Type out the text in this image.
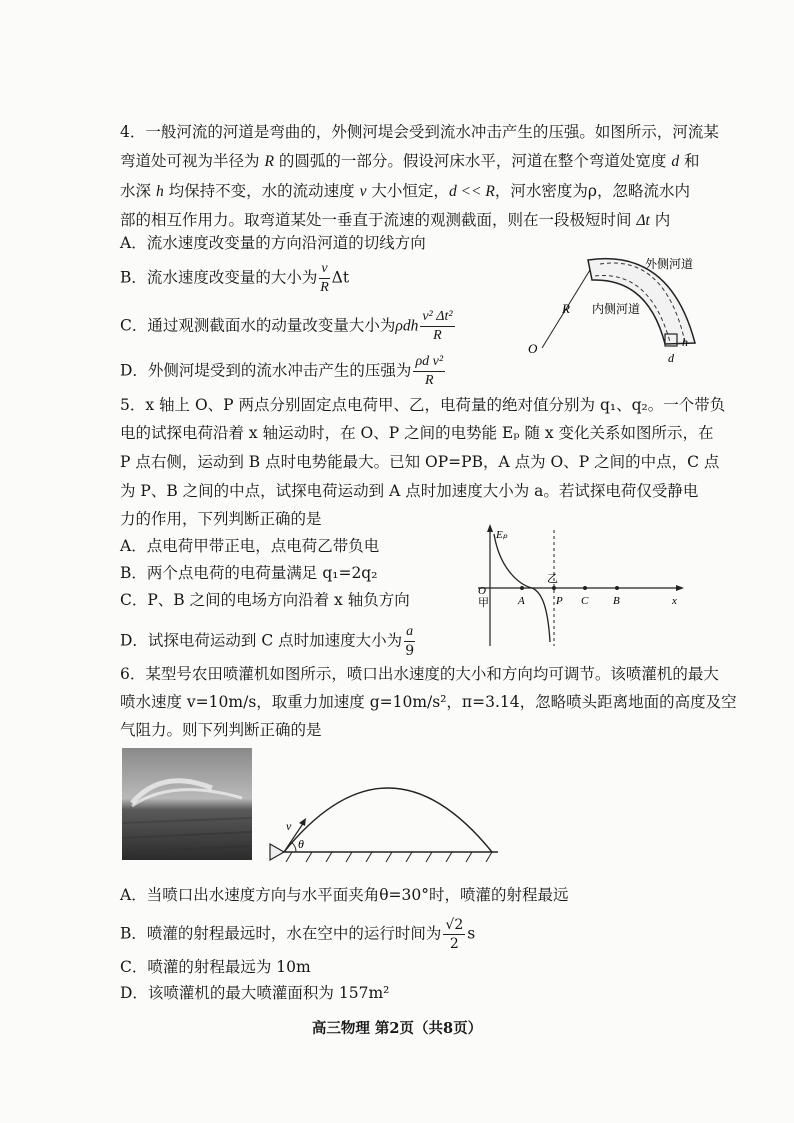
4．一般河流的河道是弯曲的，外侧河堤会受到流水冲击产生的压强。如图所示，河流某
弯道处可视为半径为 R 的圆弧的一部分。假设河床水平，河道在整个弯道处宽度 d 和
水深 h 均保持不变，水的流动速度 v 大小恒定，d << R，河水密度为ρ，忽略流水内
部的相互作用力。取弯道某处一垂直于流速的观测截面，则在一段极短时间 Δt 内
A．流水速度改变量的方向沿河道的切线方向
B．流水速度改变量的大小为 $\frac{v}{R}$ Δt
C．通过观测截面水的动量改变量大小为ρdh $\frac{\text{v² Δt²}}{R}$
D．外侧河堤受到的流水冲击产生的压强为 $\frac{\text{ρd v²}}{R}$
R
O
外侧河道
内侧河道
h
d
5．x 轴上 O、P 两点分别固定点电荷甲、乙，电荷量的绝对值分别为 q₁、q₂。一个带负
电的试探电荷沿着 x 轴运动时，在 O、P 之间的电势能 Eₚ 随 x 变化关系如图所示，在
P 点右侧，运动到 B 点时电势能最大。已知 OP=PB，A 点为 O、P 之间的中点，C 点
为 P、B 之间的中点，试探电荷运动到 A 点时加速度大小为 a。若试探电荷仅受静电
力的作用，下列判断正确的是
A．点电荷甲带正电，点电荷乙带负电
B．两个点电荷的电荷量满足 q₁=2q₂
C．P、B 之间的电场方向沿着 x 轴负方向
D．试探电荷运动到 C 点时加速度大小为 $\frac{a}{9}$
Eₚ
O
甲	A	P
乙
C B	x
6．某型号农田喷灌机如图所示，喷口出水速度的大小和方向均可调节。该喷灌机的最大
喷水速度 v=10m/s，取重力加速度 g=10m/s²，π=3.14，忽略喷头距离地面的高度及空
气阻力。则下列判断正确的是
v
θ
A．当喷口出水速度方向与水平面夹角θ=30°时，喷灌的射程最远
B．喷灌的射程最远时，水在空中的运行时间为 $\frac{√2}{2}$ s
C．喷灌的射程最远为 10m
D．该喷灌机的最大喷灌面积为 157m²
高三物理 第2页（共8页）
